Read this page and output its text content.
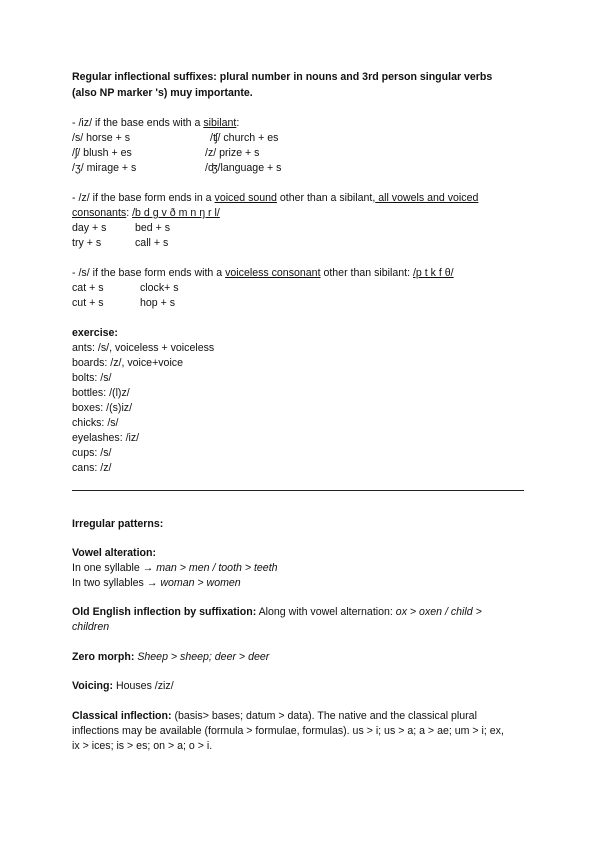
Regular inflectional suffixes: plural number in nouns and 3rd person singular verbs
(also NP marker 's) muy importante.
- /iz/ if the base ends with a sibilant:
/s/ horse + s	/ʧ/ church + es
/ʃ/ blush + es	/z/ prize + s
/ʒ/ mirage + s	/ʤ/language + s
- /z/ if the base form ends in a voiced sound other than a sibilant, all vowels and voiced
consonants: /b d g v ð m n ŋ r l/
day + s	bed + s
try + s	call + s
- /s/ if the base form ends with a voiceless consonant other than sibilant: /p t k f θ/
cat + s	clock+ s
cut + s	hop + s
exercise:
ants: /s/, voiceless + voiceless
boards: /z/, voice+voice
bolts: /s/
bottles: /(l)z/
boxes: /(s)iz/
chicks: /s/
eyelashes: /iz/
cups: /s/
cans: /z/
Irregular patterns:
Vowel alteration:
In one syllable → man > men / tooth > teeth
In two syllables → woman > women
Old English inflection by suffixation: Along with vowel alternation: ox > oxen / child >
children
Zero morph: Sheep > sheep; deer > deer
Voicing: Houses /ziz/
Classical inflection: (basis> bases; datum > data). The native and the classical plural
inflections may be available (formula > formulae, formulas). us > i; us > a; a > ae; um > i; ex,
ix > ices; is > es; on > a; o > i.
